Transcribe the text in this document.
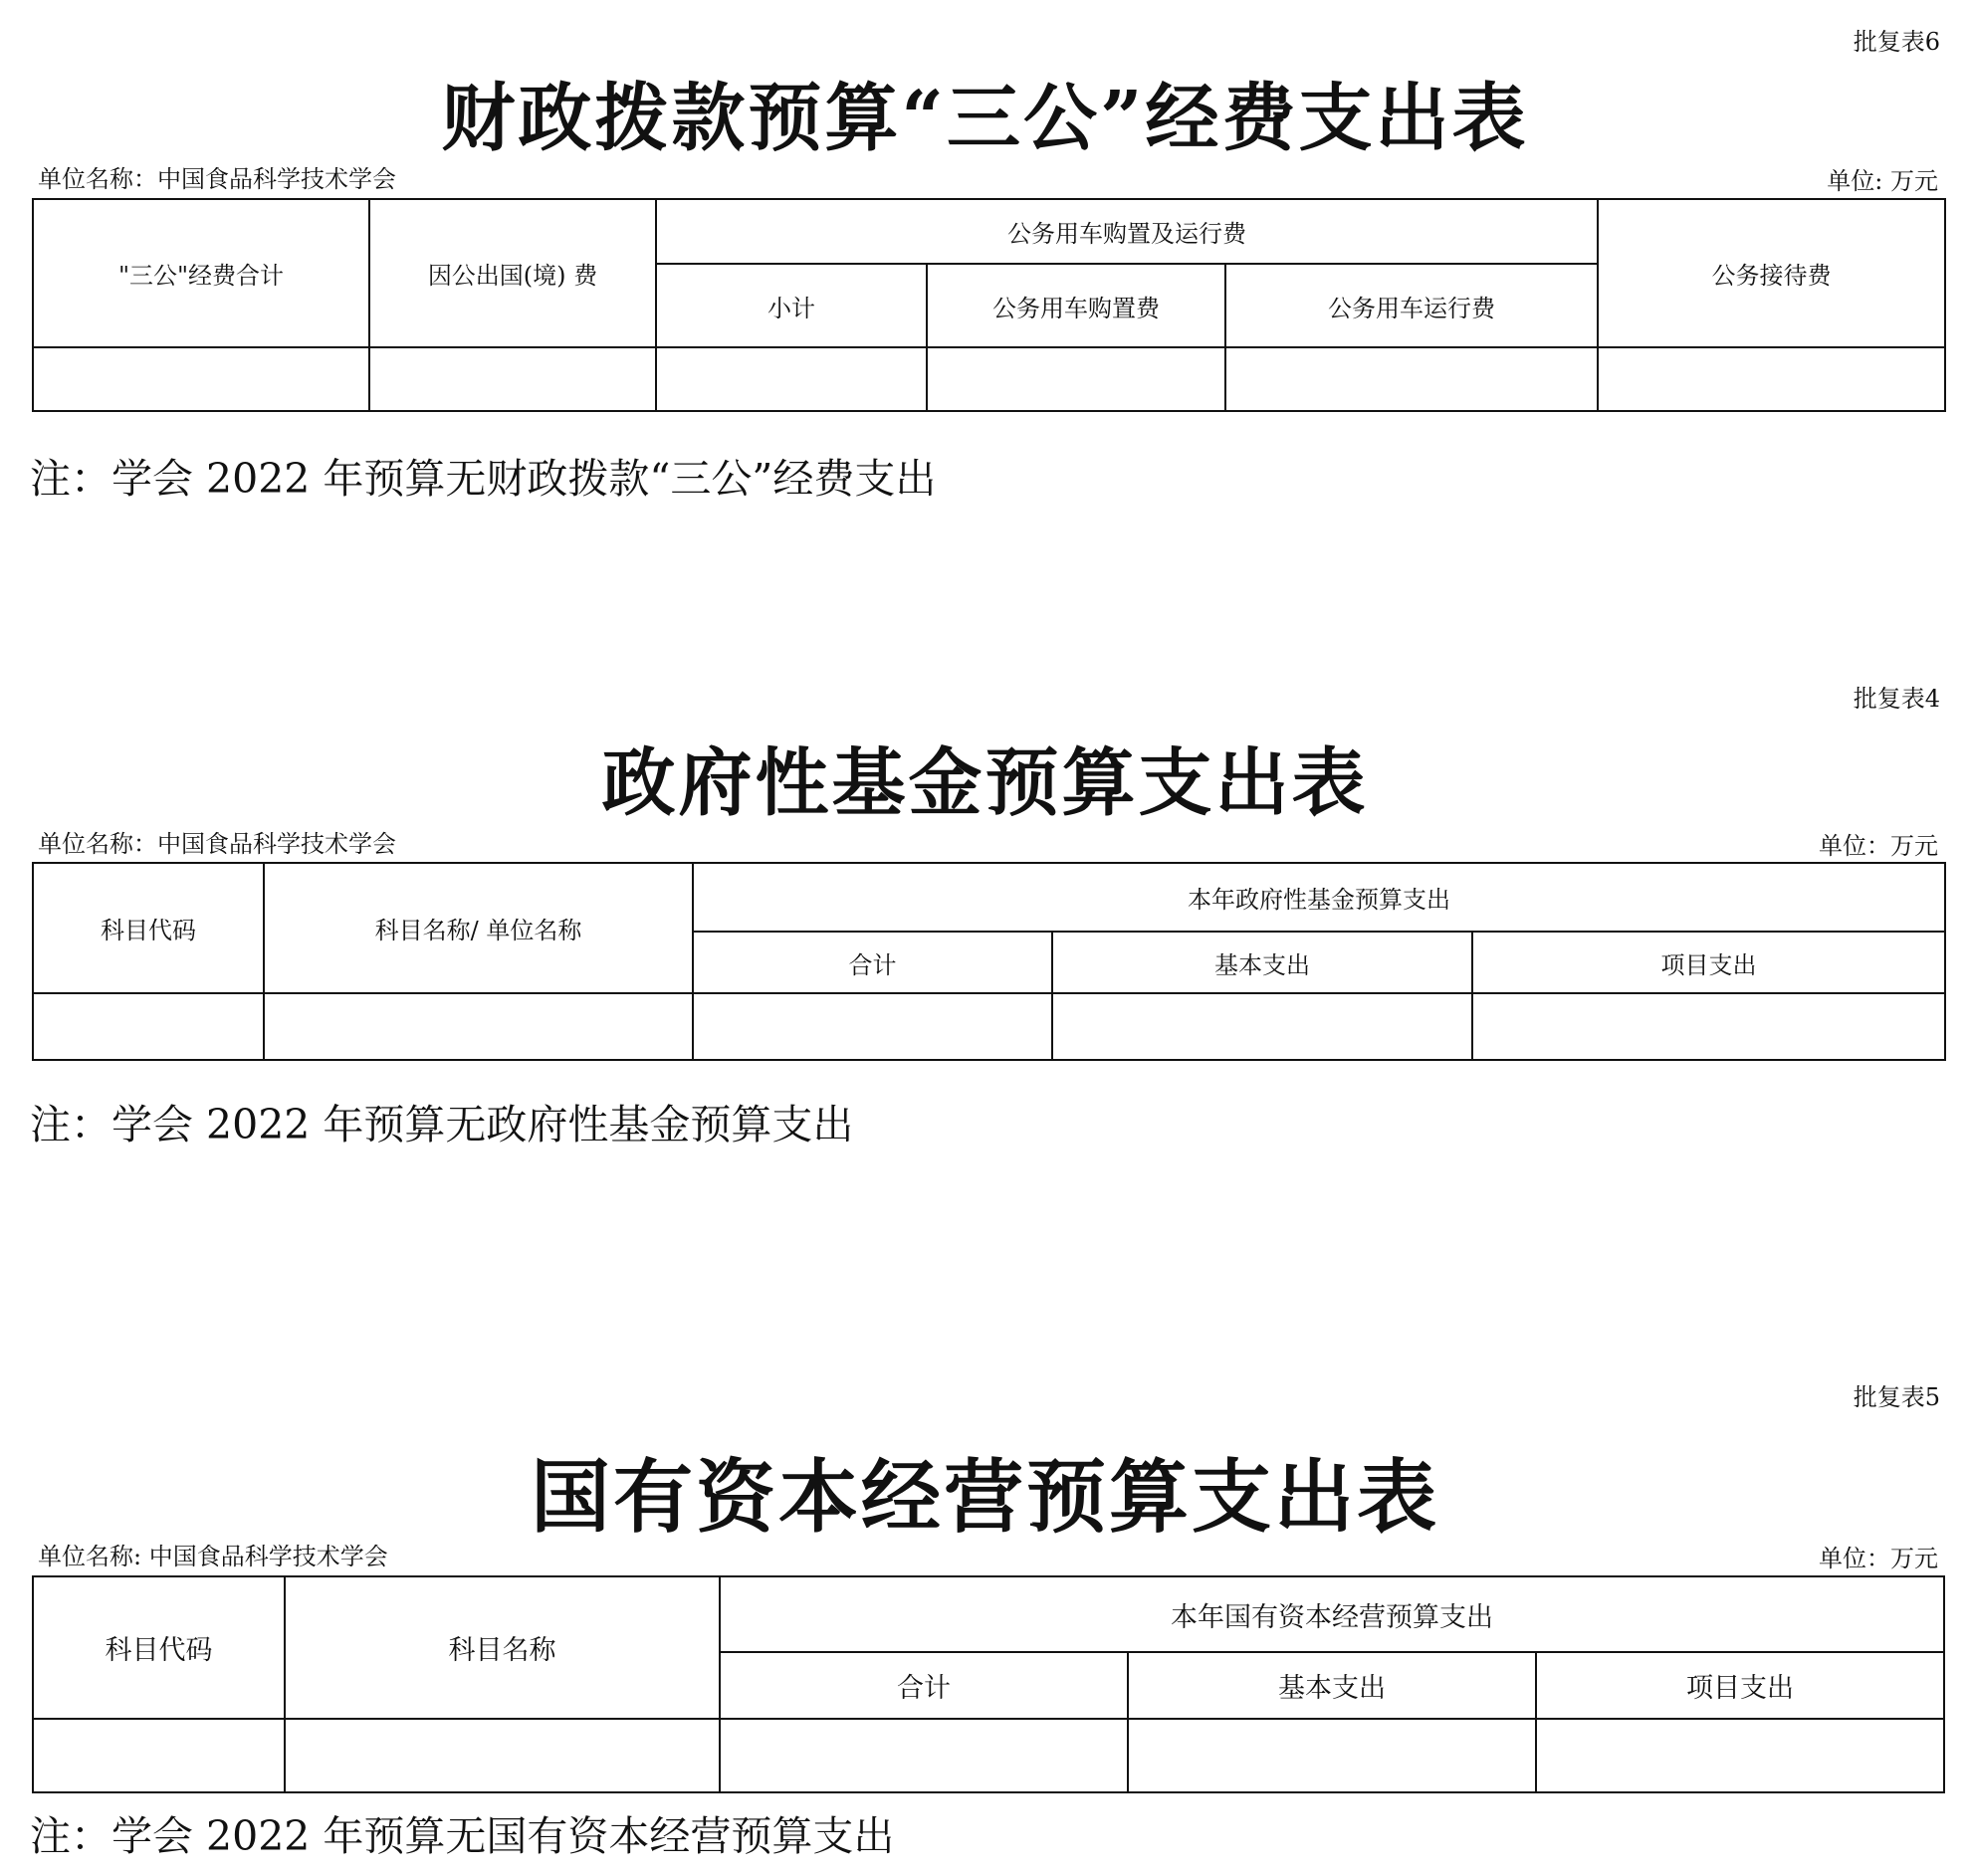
批复表6
财政拨款预算“三公”经费支出表
单位名称：中国食品科学技术学会	单位: 万元
"三公"经费合计	因公出国(境) 费	公务用车购置及运行费			公务接待费
		小计	公务用车购置费	公务用车运行费	

注：学会 2022 年预算无财政拨款“三公”经费支出
批复表4
政府性基金预算支出表
单位名称：中国食品科学技术学会	单位：万元
科目代码	科目名称/ 单位名称	本年政府性基金预算支出		
		合计	基本支出	项目支出

注：学会 2022 年预算无政府性基金预算支出
批复表5
国有资本经营预算支出表
单位名称: 中国食品科学技术学会	单位：万元
科目代码	科目名称	本年国有资本经营预算支出		
		合计	基本支出	项目支出

注：学会 2022 年预算无国有资本经营预算支出
